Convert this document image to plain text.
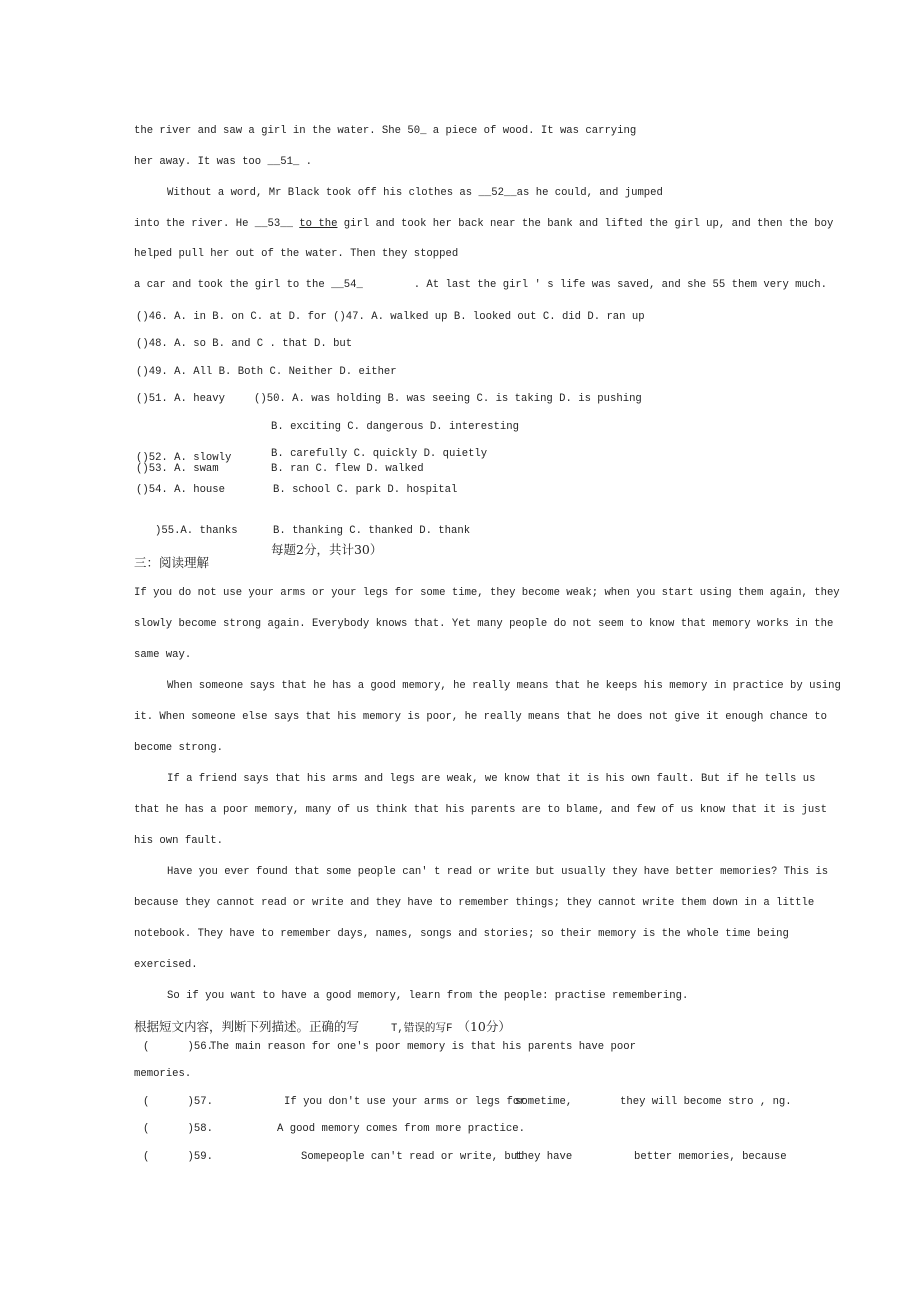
the river and saw a girl in the water. She 50_ a piece of wood. It was carrying
her away. It was too __51_ .
Without a word, Mr Black took off his clothes as __52__as he could, and jumped
into the river. He __53__ to the girl and took her back near the bank and lifted the girl up, and then the boy
helped pull her out of the water. Then they stopped
a car and took the girl to the __54_        . At last the girl ' s life was saved, and she 55 them very much.
()46. A. in B. on C. at D. for ()47. A. walked up B. looked out C. did D. ran up
()48. A. so B. and C . that D. but
()49. A. All B. Both C. Neither D. either
()51. A. heavy	()50. A. was holding B. was seeing C. is taking D. is pushing
B. exciting C. dangerous D. interesting
B. carefully C. quickly D. quietly
()52. A. slowly
()53. A. swam	B. ran C. flew D. walked
()54. A. house	B. school C. park D. hospital
)55.A. thanks	B. thanking C. thanked D. thank
每题2分，共计30）
三：阅读理解
If you do not use your arms or your legs for some time, they become weak; when you start using them again, they
slowly become strong again. Everybody knows that. Yet many people do not seem to know that memory works in the
same way.
When someone says that he has a good memory, he really means that he keeps his memory in practice by using
it. When someone else says that his memory is poor, he really means that he does not give it enough chance to
become strong.
If a friend says that his arms and legs are weak, we know that it is his own fault. But if he tells us
that he has a poor memory, many of us think that his parents are to blame, and few of us know that it is just
his own fault.
Have you ever found that some people can' t read or write but usually they have better memories? This is
because they cannot read or write and they have to remember things; they cannot write them down in a little
notebook. They have to remember days, names, songs and stories; so their memory is the whole time being
exercised.
So if you want to have a good memory, learn from the people: practise remembering.
根据短文内容，判断下列描述。正确的写	T,错误的写F （10分）
(      )56.
The main reason for one's poor memory is that his parents have poor
memories.
(      )57.	If you don't use your arms or legs for
sometime,	they will become stro , ng.
(      )58.	A good memory comes from more practice.
(      )59.	Somepeople can't read or write, but
they have	better memories, because
